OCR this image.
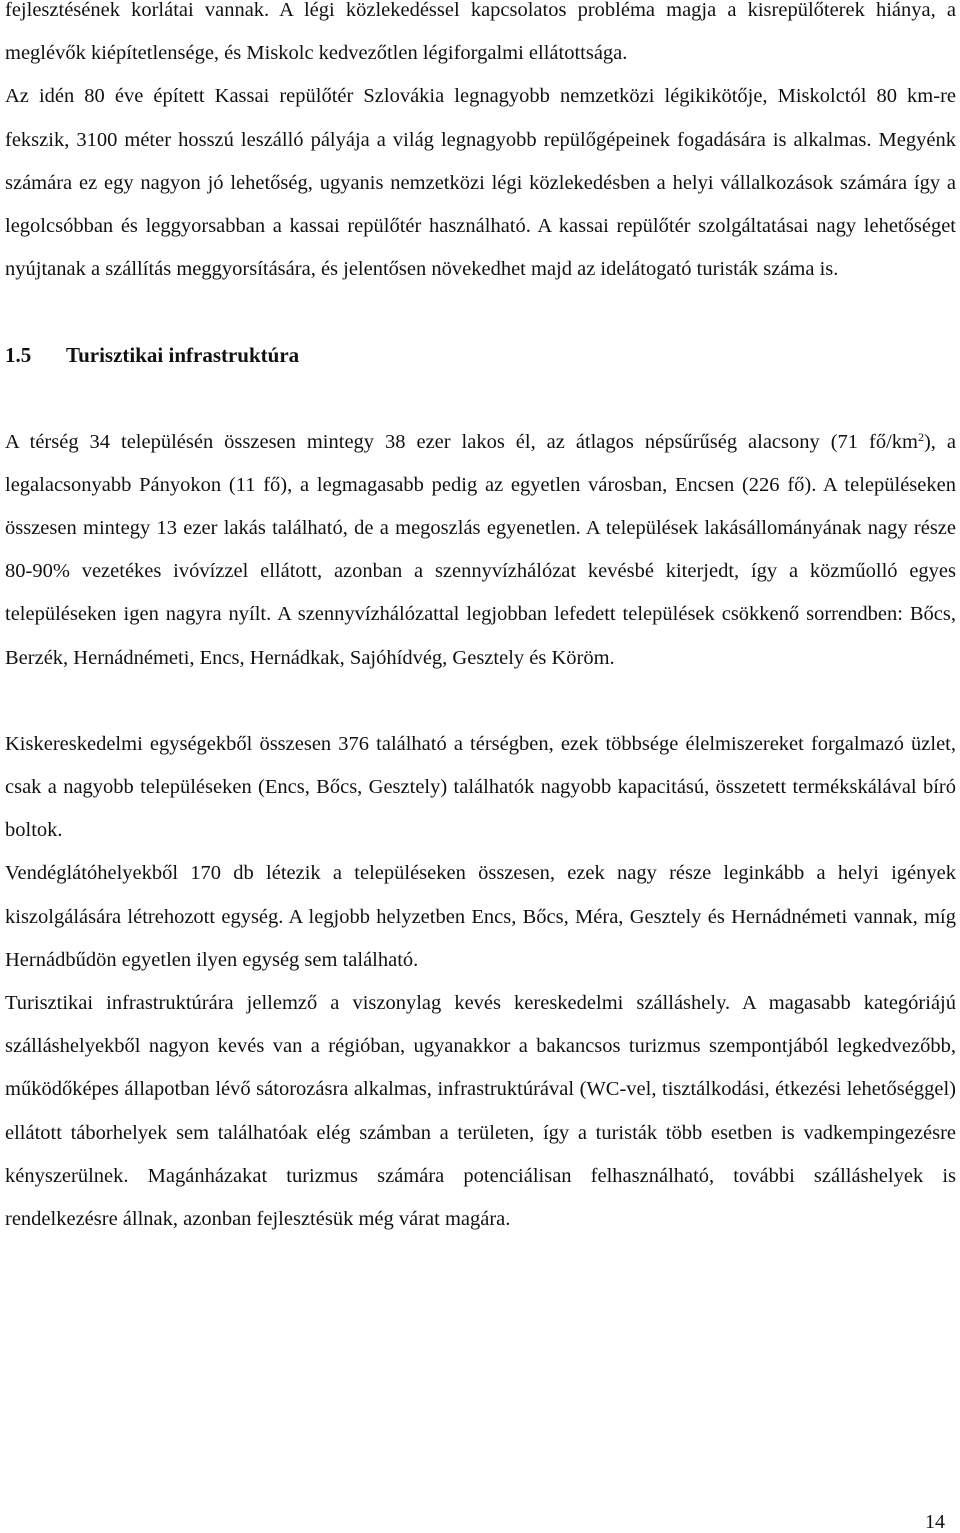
fejlesztésének korlátai vannak. A légi közlekedéssel kapcsolatos probléma magja a kisrepülőterek hiánya, a meglévők kiépítetlensége, és Miskolc kedvezőtlen légiforgalmi ellátottsága.

Az idén 80 éve épített Kassai repülőtér Szlovákia legnagyobb nemzetközi légikikötője, Miskolctól 80 km-re fekszik, 3100 méter hosszú leszálló pályája a világ legnagyobb repülőgépeinek fogadására is alkalmas. Megyénk számára ez egy nagyon jó lehetőség, ugyanis nemzetközi légi közlekedésben a helyi vállalkozások számára így a legolcsóbban és leggyorsabban a kassai repülőtér használható. A kassai repülőtér szolgáltatásai nagy lehetőséget nyújtanak a szállítás meggyorsítására, és jelentősen növekedhet majd az idelátogató turisták száma is.

1.5 Turisztikai infrastruktúra

A térség 34 településén összesen mintegy 38 ezer lakos él, az átlagos népsűrűség alacsony (71 $fő/km^2$), a legalacsonyabb Pányokon (11 fő), a legmagasabb pedig az egyetlen városban, Encsen (226 fő). A településeken összesen mintegy 13 ezer lakás található, de a megoszlás egyenetlen. A települések lakásállományának nagy része 80-90% vezetékes ivóvízzel ellátott, azonban a szennyvízhálózat kevésbé kiterjedt, így a közműolló egyes településeken igen nagyra nyílt. A szennyvízhálózattal legjobban lefedett települések csökkenő sorrendben: Bőcs, Berzék, Hernádnémeti, Encs, Hernádkak, Sajóhídvég, Gesztely és Köröm.

Kiskereskedelmi egységekből összesen 376 található a térségben, ezek többsége élelmiszereket forgalmazó üzlet, csak a nagyobb településeken (Encs, Bőcs, Gesztely) találhatók nagyobb kapacitású, összetett termékskálával bíró boltok.

Vendéglátóhelyekből 170 db létezik a településeken összesen, ezek nagy része leginkább a helyi igények kiszolgálására létrehozott egység. A legjobb helyzetben Encs, Bőcs, Méra, Gesztely és Hernádnémeti vannak, míg Hernádbűdön egyetlen ilyen egység sem található.

Turisztikai infrastruktúrára jellemző a viszonylag kevés kereskedelmi szálláshely. A magasabb kategóriájú szálláshelyekből nagyon kevés van a régióban, ugyanakkor a bakancsos turizmus szempontjából legkedvezőbb, működőképes állapotban lévő sátorozásra alkalmas, infrastruktúrával (WC-vel, tisztálkodási, étkezési lehetőséggel) ellátott táborhelyek sem találhatóak elég számban a területen, így a turisták több esetben is vadkempingezésre kényszerülnek. Magánházakat turizmus számára potenciálisan felhasználható, további szálláshelyek is rendelkezésre állnak, azonban fejlesztésük még várat magára.

14
